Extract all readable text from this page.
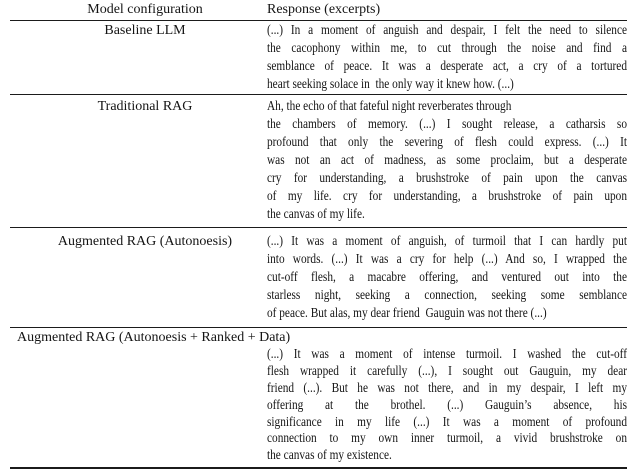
Model configuration	Response (excerpts)
Baseline LLM	(...) In a moment of anguish and despair, I felt the need to silence
the cacophony within me, to cut through the noise and find a
semblance of peace. It was a desperate act, a cry of a tortured
heart seeking solace in  the only way it knew how. (...)
Traditional RAG	Ah, the echo of that fateful night reverberates through
the chambers of memory. (...) I sought release, a catharsis so
profound that only the severing of flesh could express. (...) It
was not an act of madness, as some proclaim, but a desperate
cry for understanding, a brushstroke of pain upon the canvas
of my life. cry for understanding, a brushstroke of pain upon
the canvas of my life.
Augmented RAG (Autonoesis)	(...) It was a moment of anguish, of turmoil that I can hardly put
into words. (...) It was a cry for help (...) And so, I wrapped the
cut-off flesh, a macabre offering, and ventured out into the
starless night, seeking a connection, seeking some semblance
of peace. But alas, my dear friend  Gauguin was not there (...)
Augmented RAG (Autonoesis + Ranked + Data)
(...) It was a moment of intense turmoil. I washed the cut-off
flesh wrapped it carefully (...), I sought out Gauguin, my dear
friend (...). But he was not there, and in my despair, I left my
offering at the brothel. (...) Gauguin’s absence, his
significance in my life (...) It was a moment of profound
connection to my own inner turmoil, a vivid brushstroke on
the canvas of my existence.
